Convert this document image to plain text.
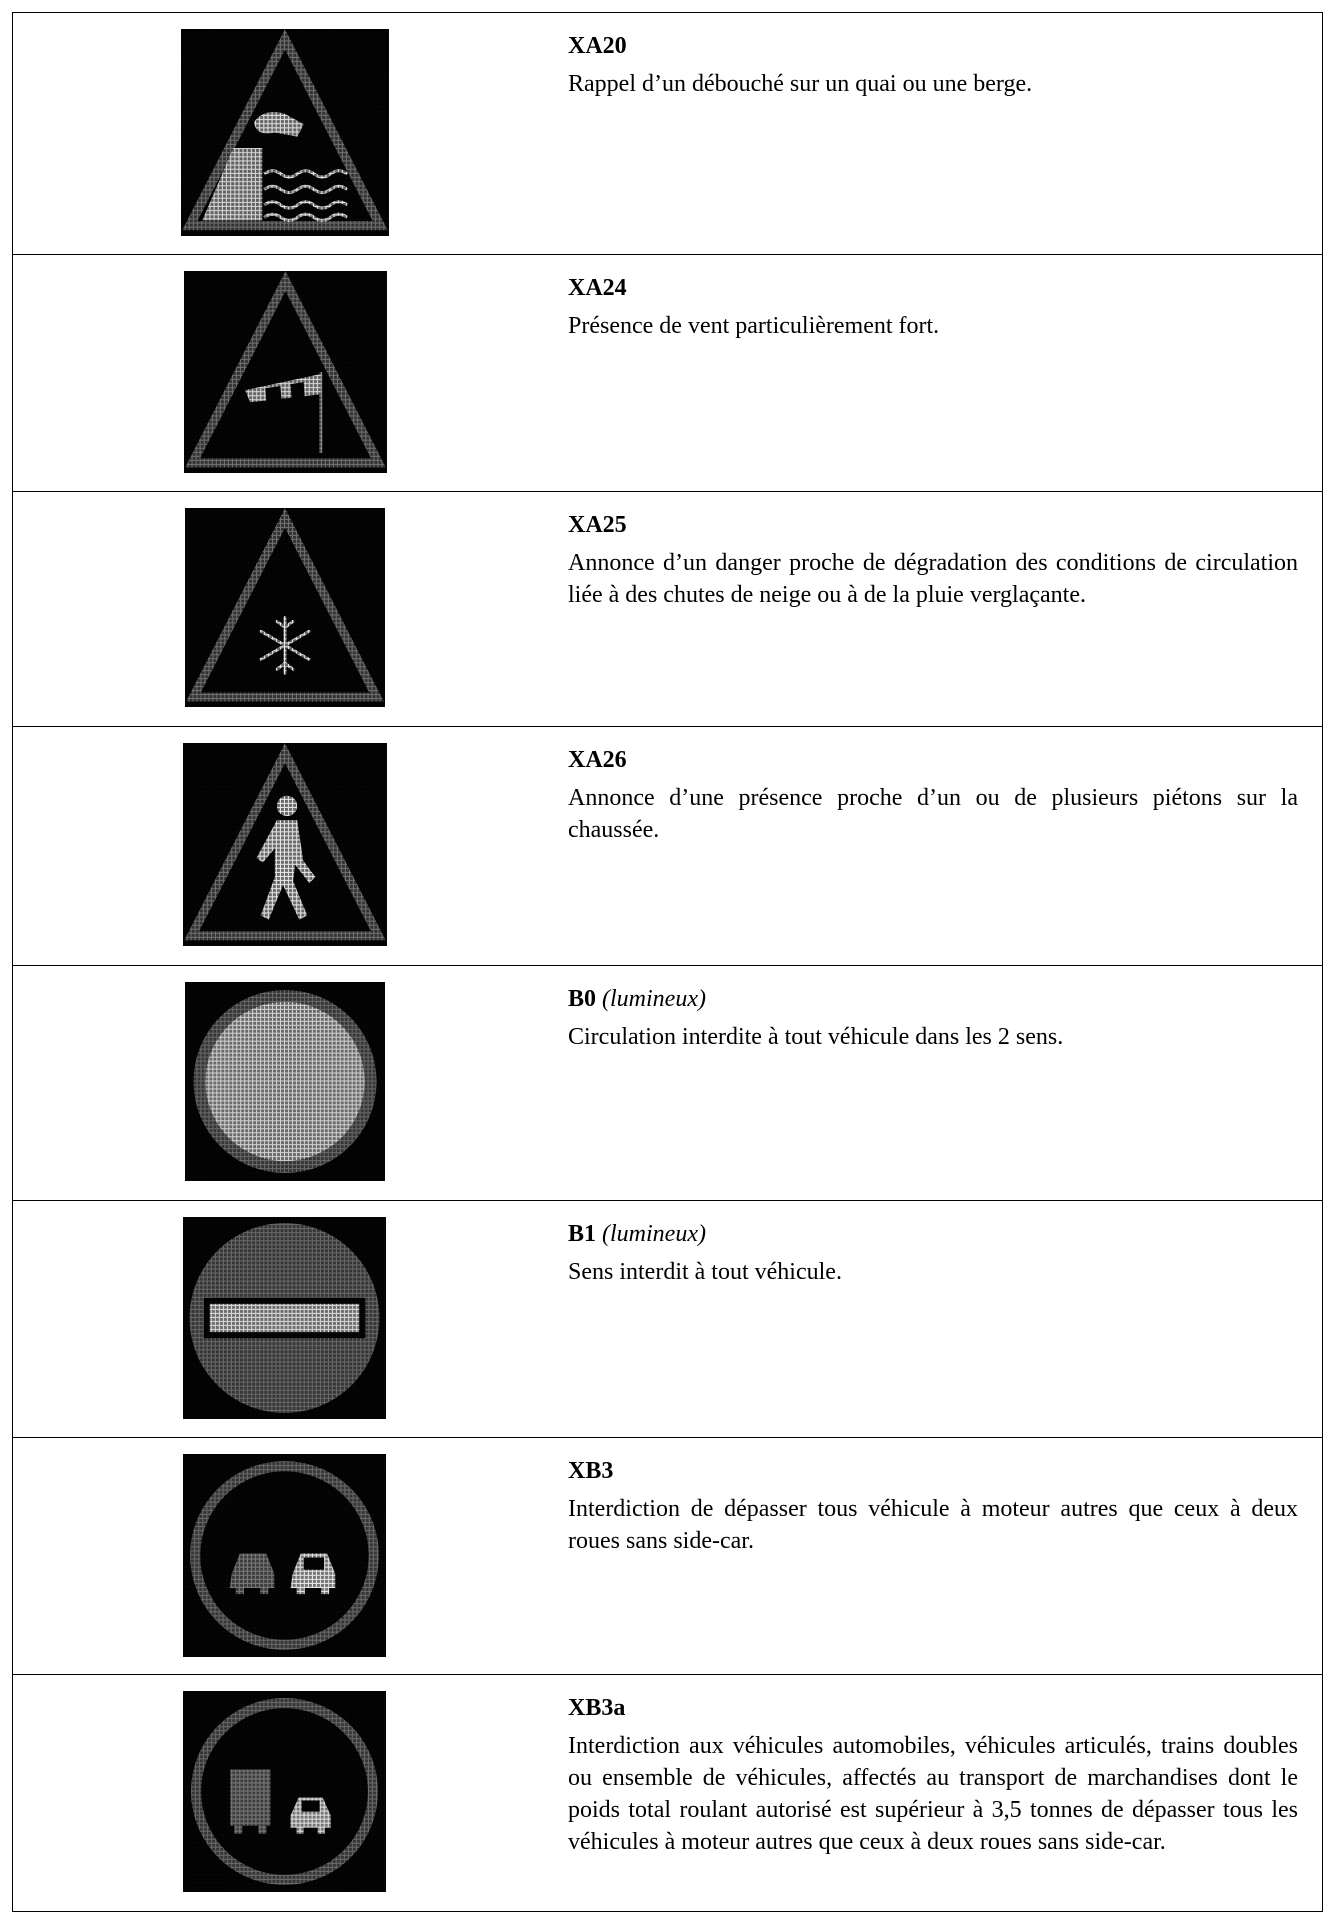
XA20
Rappel d’un débouché sur un quai ou une berge.
XA24
Présence de vent particulièrement fort.
XA25
Annonce d’un danger proche de dégradation des conditions de circulation liée à des chutes de neige ou à de la pluie verglaçante.
XA26
Annonce d’une présence proche d’un ou de plusieurs piétons sur la chaussée.
B0 (lumineux)
Circulation interdite à tout véhicule dans les 2 sens.
B1 (lumineux)
Sens interdit à tout véhicule.
XB3
Interdiction de dépasser tous véhicule à moteur autres que ceux à deux roues sans side-car.
XB3a
Interdiction aux véhicules automobiles, véhicules articulés, trains doubles ou ensemble de véhicules, affectés au transport de marchandises dont le poids total roulant autorisé est supérieur à 3,5 tonnes de dépasser tous les véhicules à moteur autres que ceux à deux roues sans side-car.
